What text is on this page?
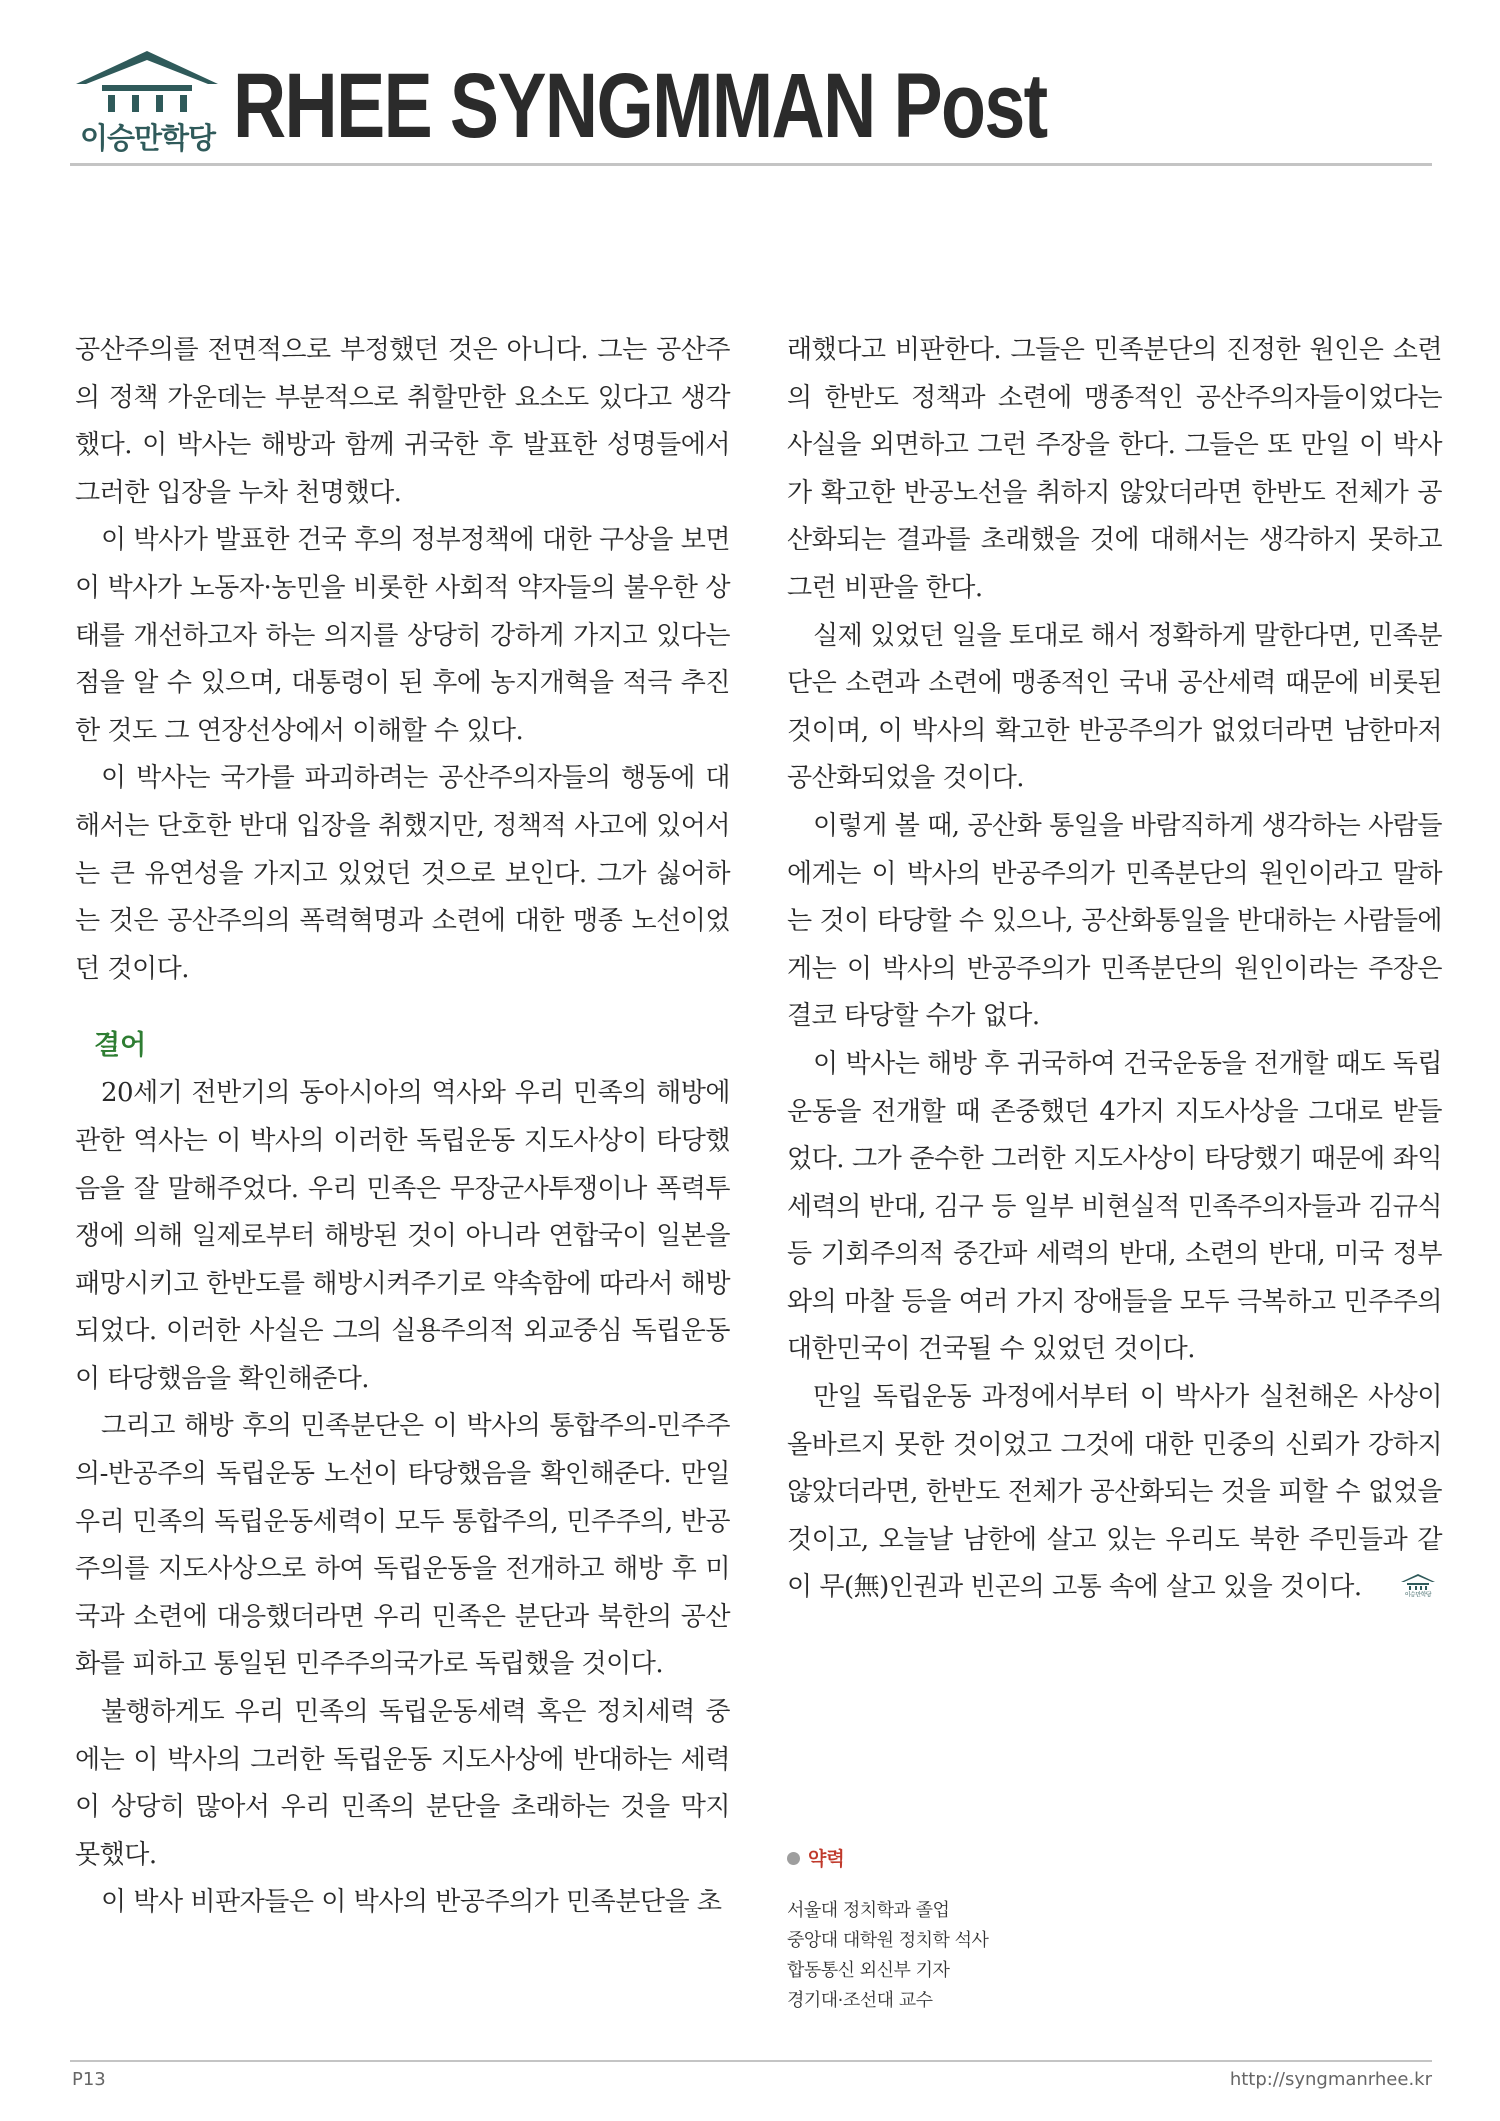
이승만학당 RHEE SYNGMMAN Post

공산주의를 전면적으로 부정했던 것은 아니다. 그는 공산주의 정책 가운데는 부분적으로 취할만한 요소도 있다고 생각했다. 이 박사는 해방과 함께 귀국한 후 발표한 성명들에서 그러한 입장을 누차 천명했다.

이 박사가 발표한 건국 후의 정부정책에 대한 구상을 보면 이 박사가 노동자·농민을 비롯한 사회적 약자들의 불우한 상태를 개선하고자 하는 의지를 상당히 강하게 가지고 있다는 점을 알 수 있으며, 대통령이 된 후에 농지개혁을 적극 추진한 것도 그 연장선상에서 이해할 수 있다.

이 박사는 국가를 파괴하려는 공산주의자들의 행동에 대해서는 단호한 반대 입장을 취했지만, 정책적 사고에 있어서는 큰 유연성을 가지고 있었던 것으로 보인다. 그가 싫어하는 것은 공산주의의 폭력혁명과 소련에 대한 맹종 노선이었던 것이다.

결어

20세기 전반기의 동아시아의 역사와 우리 민족의 해방에 관한 역사는 이 박사의 이러한 독립운동 지도사상이 타당했음을 잘 말해주었다. 우리 민족은 무장군사투쟁이나 폭력투쟁에 의해 일제로부터 해방된 것이 아니라 연합국이 일본을 패망시키고 한반도를 해방시켜주기로 약속함에 따라서 해방되었다. 이러한 사실은 그의 실용주의적 외교중심 독립운동이 타당했음을 확인해준다.

그리고 해방 후의 민족분단은 이 박사의 통합주의-민주주의-반공주의 독립운동 노선이 타당했음을 확인해준다. 만일 우리 민족의 독립운동세력이 모두 통합주의, 민주주의, 반공주의를 지도사상으로 하여 독립운동을 전개하고 해방 후 미국과 소련에 대응했더라면 우리 민족은 분단과 북한의 공산화를 피하고 통일된 민주주의국가로 독립했을 것이다.

불행하게도 우리 민족의 독립운동세력 혹은 정치세력 중에는 이 박사의 그러한 독립운동 지도사상에 반대하는 세력이 상당히 많아서 우리 민족의 분단을 초래하는 것을 막지 못했다.

이 박사 비판자들은 이 박사의 반공주의가 민족분단을 초

래했다고 비판한다. 그들은 민족분단의 진정한 원인은 소련의 한반도 정책과 소련에 맹종적인 공산주의자들이었다는 사실을 외면하고 그런 주장을 한다. 그들은 또 만일 이 박사가 확고한 반공노선을 취하지 않았더라면 한반도 전체가 공산화되는 결과를 초래했을 것에 대해서는 생각하지 못하고 그런 비판을 한다.

실제 있었던 일을 토대로 해서 정확하게 말한다면, 민족분단은 소련과 소련에 맹종적인 국내 공산세력 때문에 비롯된 것이며, 이 박사의 확고한 반공주의가 없었더라면 남한마저 공산화되었을 것이다.

이렇게 볼 때, 공산화 통일을 바람직하게 생각하는 사람들에게는 이 박사의 반공주의가 민족분단의 원인이라고 말하는 것이 타당할 수 있으나, 공산화통일을 반대하는 사람들에게는 이 박사의 반공주의가 민족분단의 원인이라는 주장은 결코 타당할 수가 없다.

이 박사는 해방 후 귀국하여 건국운동을 전개할 때도 독립운동을 전개할 때 존중했던 4가지 지도사상을 그대로 받들었다. 그가 준수한 그러한 지도사상이 타당했기 때문에 좌익세력의 반대, 김구 등 일부 비현실적 민족주의자들과 김규식 등 기회주의적 중간파 세력의 반대, 소련의 반대, 미국 정부와의 마찰 등을 여러 가지 장애들을 모두 극복하고 민주주의 대한민국이 건국될 수 있었던 것이다.

만일 독립운동 과정에서부터 이 박사가 실천해온 사상이 올바르지 못한 것이었고 그것에 대한 민중의 신뢰가 강하지 않았더라면, 한반도 전체가 공산화되는 것을 피할 수 없었을 것이고, 오늘날 남한에 살고 있는 우리도 북한 주민들과 같이 무(無)인권과 빈곤의 고통 속에 살고 있을 것이다.	이승만학당

약력
서울대 정치학과 졸업
중앙대 대학원 정치학 석사
합동통신 외신부 기자
경기대·조선대 교수
P13	http://syngmanrhee.kr
